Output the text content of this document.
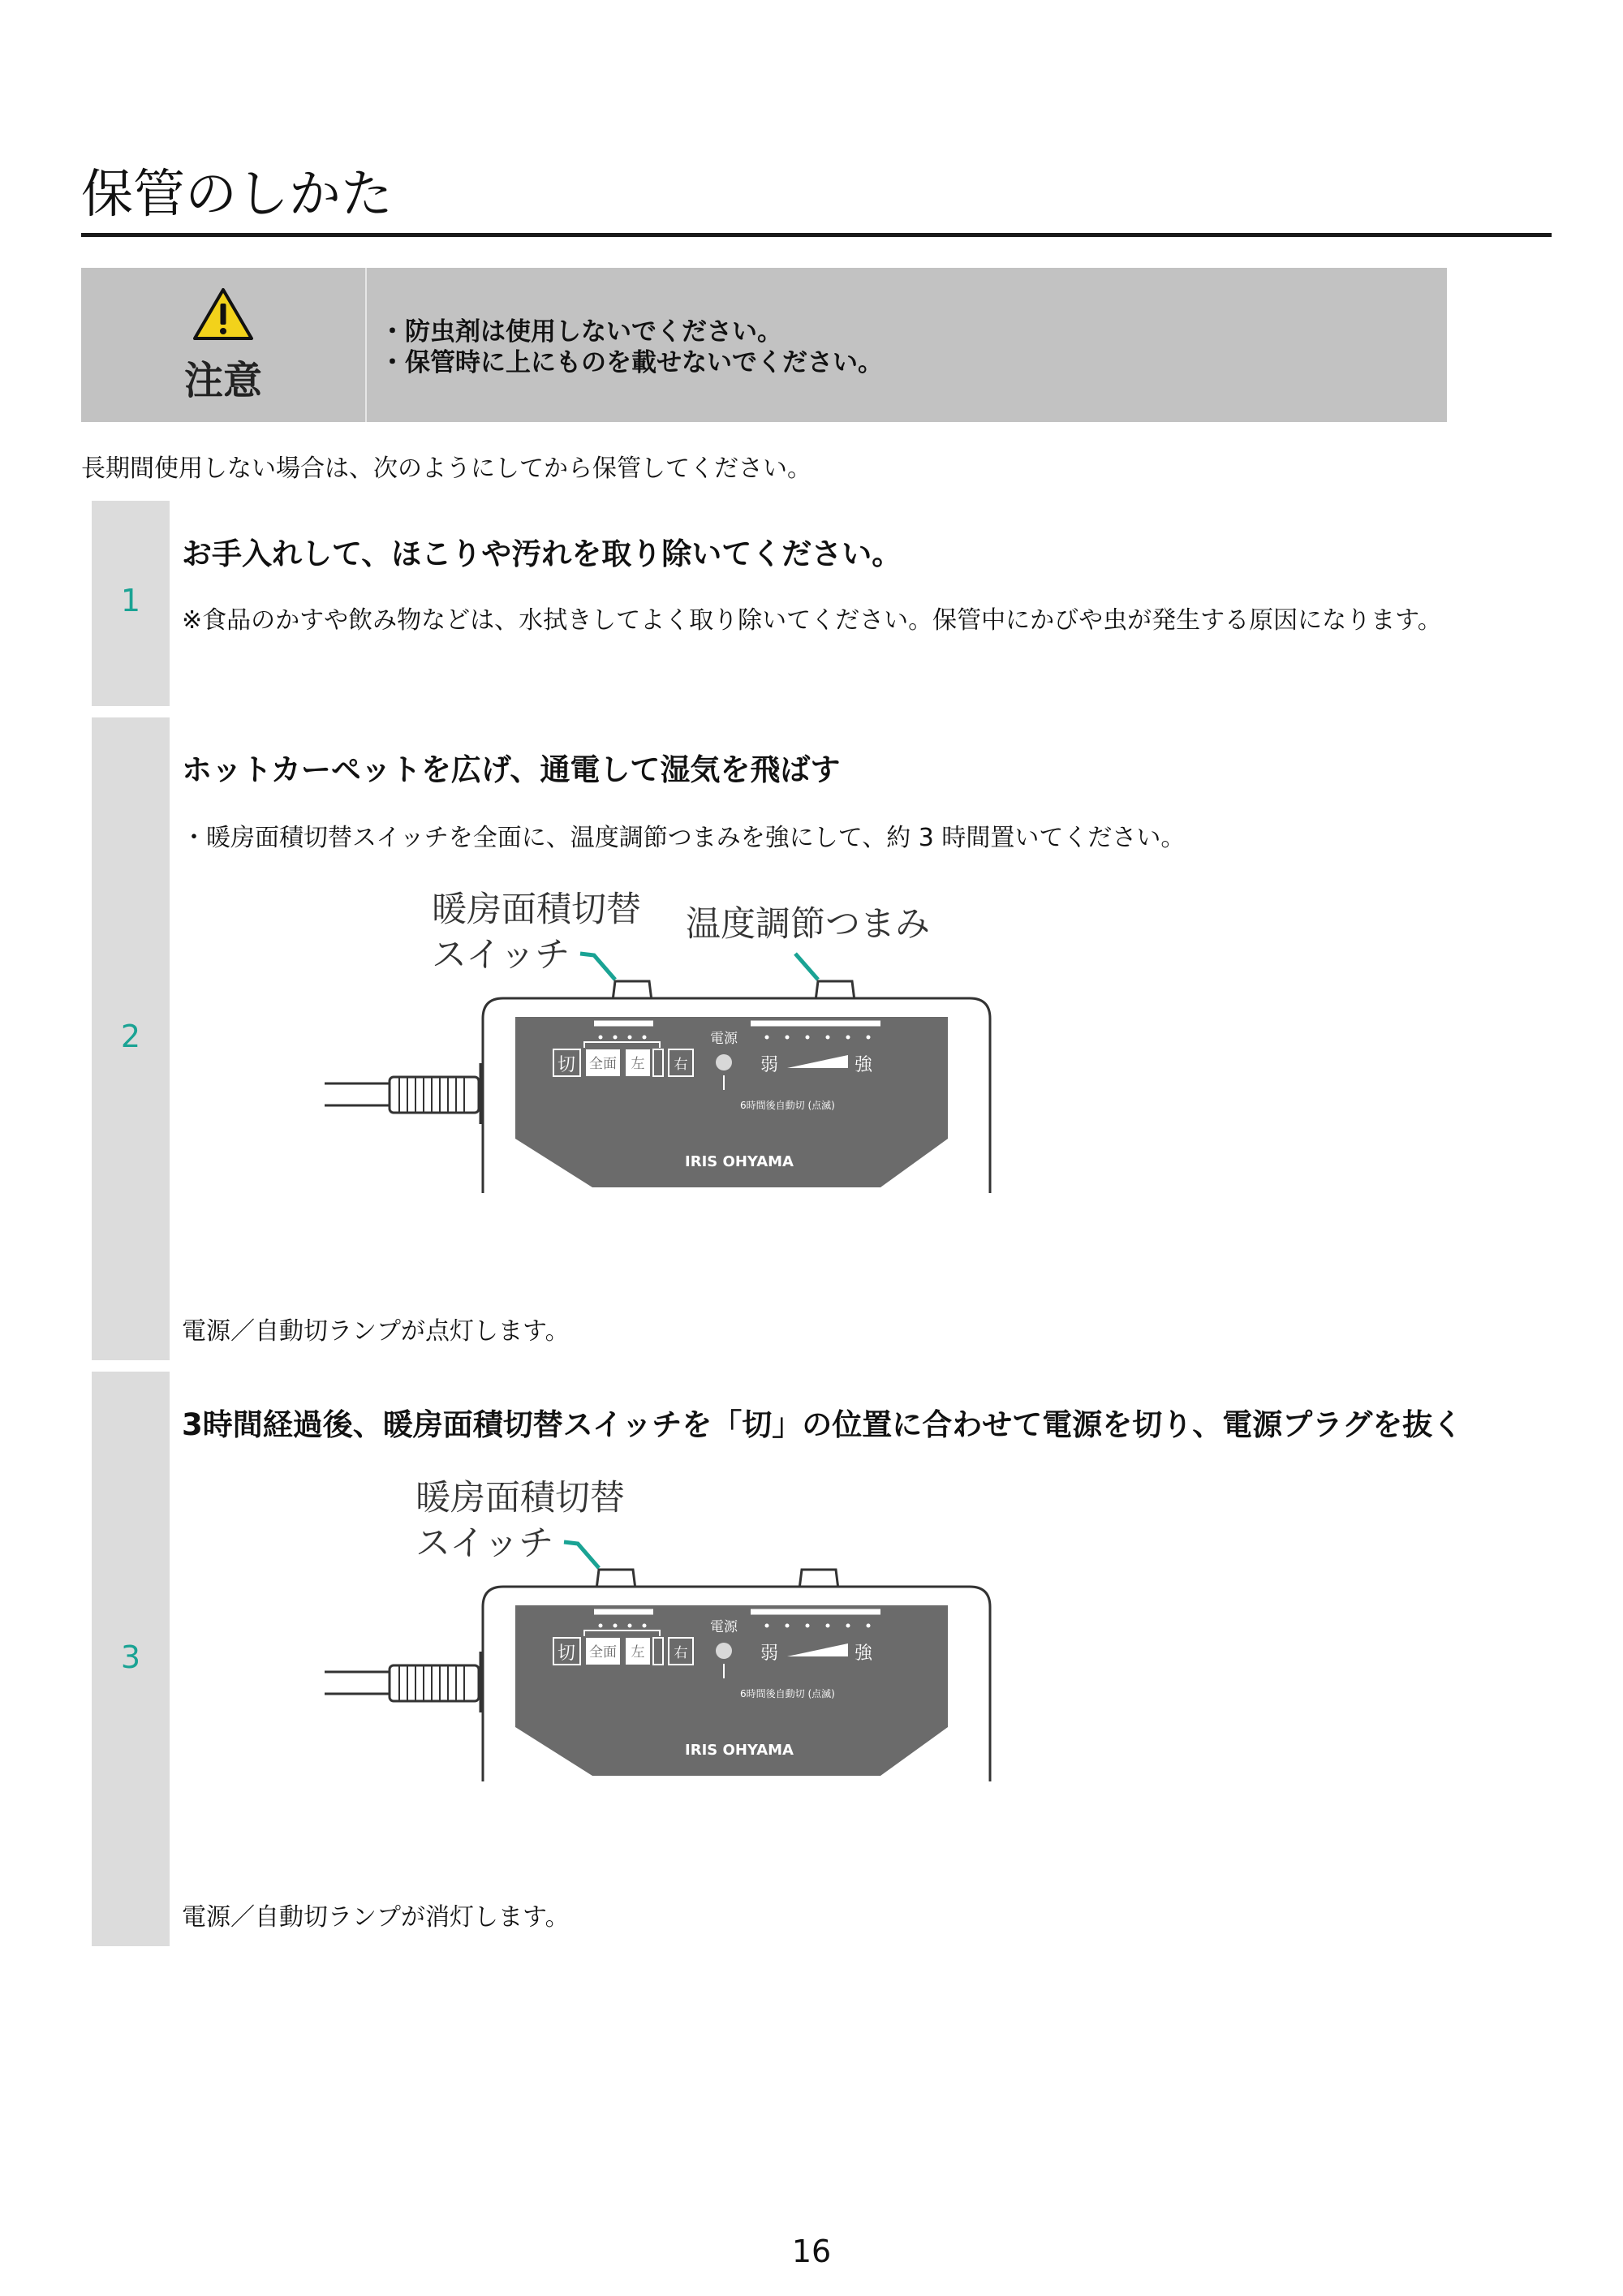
保管のしかた
注意
・ 防虫剤は使用しないでください。
・ 保管時に上にものを載せないでください。

長期間使用しない場合は、次のようにしてから保管してください。

1
お手入れして、ほこりや汚れを取り除いてください。

※食品のかすや飲み物などは、水拭きしてよく取り除いてください。保管中にかびや虫が発生する原因になります。

2
ホットカーペットを広げ、通電して湿気を飛ばす

・暖房面積切替スイッチを全面に、温度調節つまみを強にして、約 3 時間置いてください。

暖房面積切替
スイッチ
温度調節つまみ
切 全面 左 右
電源
6時間後自動切 (点滅)
弱	強
IRIS OHYAMA

電源／自動切ランプが点灯します。

3
3時間経過後、暖房面積切替スイッチを「切」の位置に合わせて電源を切り、電源プラグを抜く
暖房面積切替
スイッチ
切 全面 左 右
電源
6時間後自動切 (点滅)
弱	強
IRIS OHYAMA

電源／自動切ランプが消灯します。

16
